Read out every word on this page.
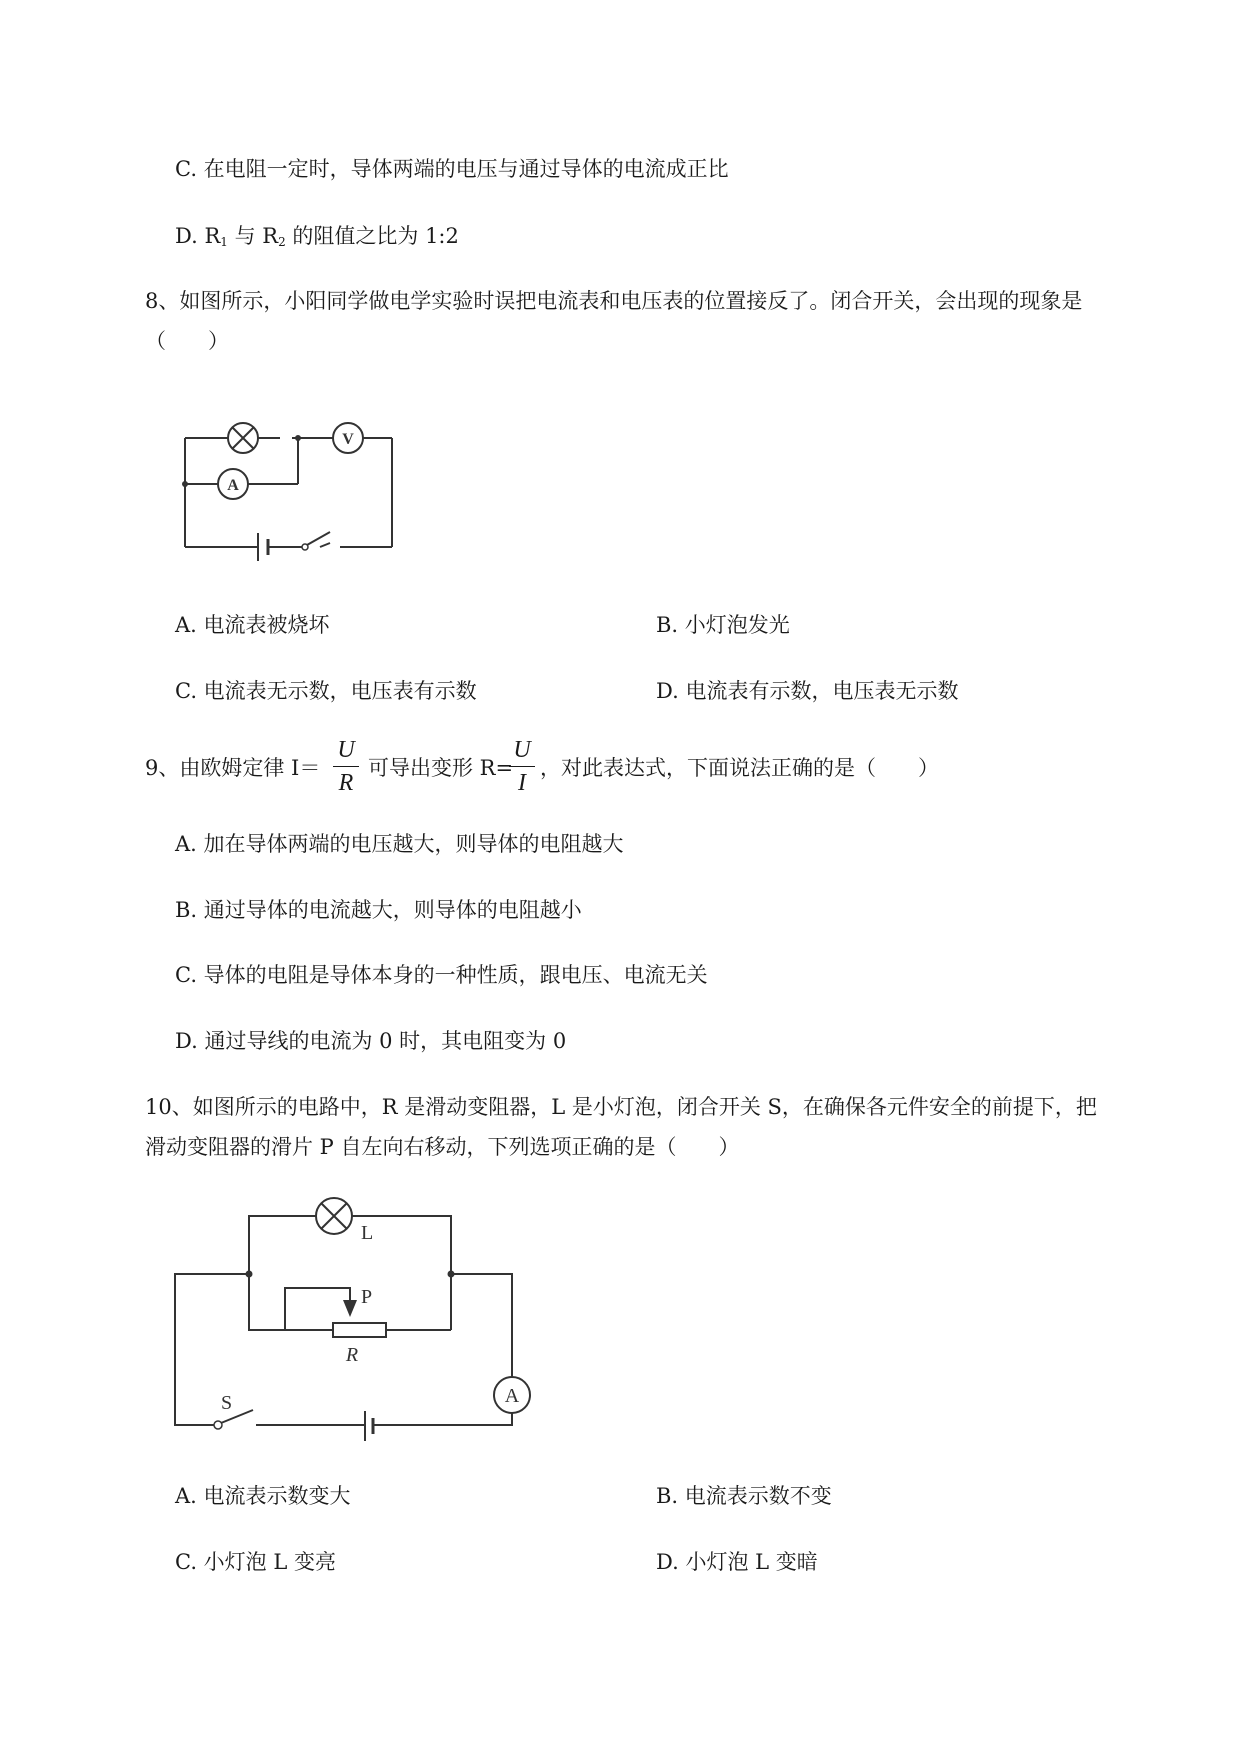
C. 在电阻一定时，导体两端的电压与通过导体的电流成正比
D. $R_1$ 与 $R_2$ 的阻值之比为 1:2
8、如图所示，小阳同学做电学实验时误把电流表和电压表的位置接反了。闭合开关，会出现的现象是
（　　）
V
A
A. 电流表被烧坏	B. 小灯泡发光
C. 电流表无示数，电压表有示数	D. 电流表有示数，电压表无示数
9、由欧姆定律 I＝
U
R
可导出变形 R=
U
I
，对此表达式，下面说法正确的是（　　）
A. 加在导体两端的电压越大，则导体的电阻越大
B. 通过导体的电流越大，则导体的电阻越小
C. 导体的电阻是导体本身的一种性质，跟电压、电流无关
D. 通过导线的电流为 0 时，其电阻变为 0
10、如图所示的电路中，R 是滑动变阻器，L 是小灯泡，闭合开关 S，在确保各元件安全的前提下，把
滑动变阻器的滑片 P 自左向右移动，下列选项正确的是（　　）
A
L
P
R
S
A. 电流表示数变大	B. 电流表示数不变
C. 小灯泡 L 变亮	D. 小灯泡 L 变暗
